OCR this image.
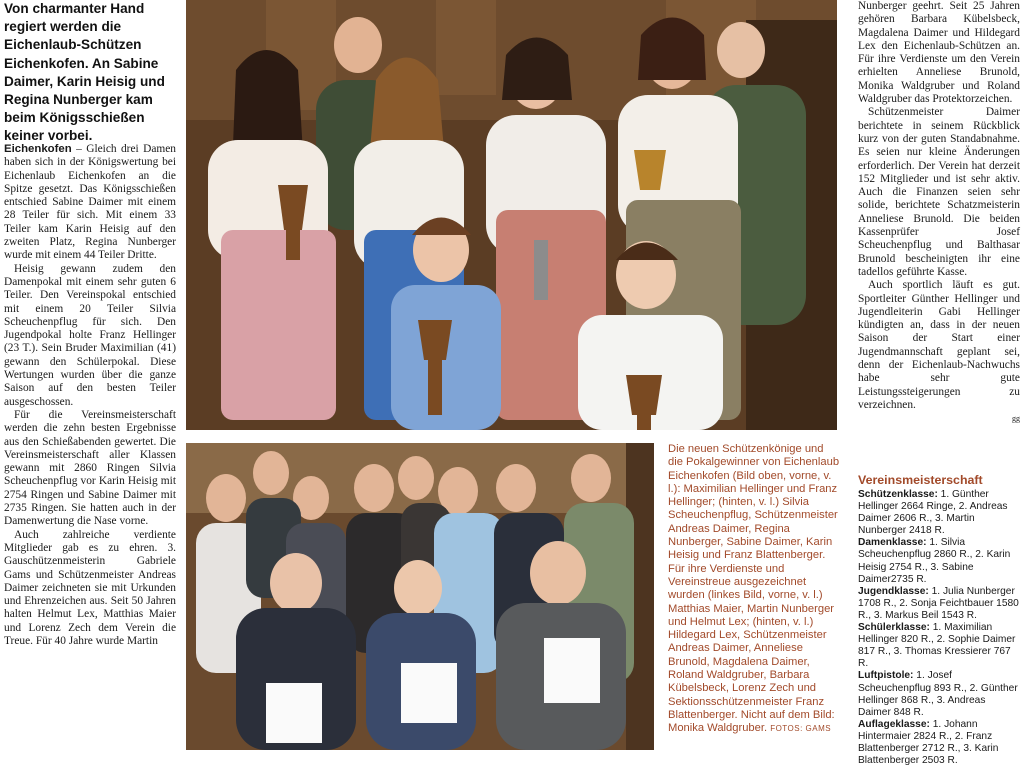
Von charmanter Hand regiert werden die Eichenlaub-Schützen Eichenkofen. An Sabine Daimer, Karin Heisig und Regina Nunberger kam beim Königsschießen keiner vorbei.

Eichenkofen – Gleich drei Damen haben sich in der Königswertung bei Eichenlaub Eichenkofen an die Spitze gesetzt. Das Königsschießen entschied Sabine Daimer mit einem 28 Teiler für sich. Mit einem 33 Teiler kam Karin Heisig auf den zweiten Platz, Regina Nunberger wurde mit einem 44 Teiler Dritte.

Heisig gewann zudem den Damenpokal mit einem sehr guten 6 Teiler. Den Vereinspokal entschied mit einem 20 Teiler Silvia Scheuchenpflug für sich. Den Jugendpokal holte Franz Hellinger (23 T.). Sein Bruder Maximilian (41) gewann den Schülerpokal. Diese Wertungen wurden über die ganze Saison auf den besten Teiler ausgeschossen.

Für die Vereinsmeisterschaft werden die zehn besten Ergebnisse aus den Schießabenden gewertet. Die Vereinsmeisterschaft aller Klassen gewann mit 2860 Ringen Silvia Scheuchenpflug vor Karin Heisig mit 2754 Ringen und Sabine Daimer mit 2735 Ringen. Sie hatten auch in der Damenwertung die Nase vorne.

Auch zahlreiche verdiente Mitglieder gab es zu ehren. 3. Gauschützenmeisterin Gabriele Gams und Schützenmeister Andreas Daimer zeichneten sie mit Urkunden und Ehrenzeichen aus. Seit 50 Jahren halten Helmut Lex, Matthias Maier und Lorenz Zech dem Verein die Treue. Für 40 Jahre wurde Martin

Die neuen Schützenkönige und die Pokalgewinner von Eichenlaub Eichenkofen (Bild oben, vorne, v. l.): Maximilian Hellinger und Franz Hellinger; (hinten, v. l.) Silvia Scheuchenpflug, Schützenmeister Andreas Daimer, Regina Nunberger, Sabine Daimer, Karin Heisig und Franz Blattenberger. Für ihre Verdienste und Vereinstreue ausgezeichnet wurden (linkes Bild, vorne, v. l.) Matthias Maier, Martin Nunberger und Helmut Lex; (hinten, v. l.) Hildegard Lex, Schützenmeister Andreas Daimer, Anneliese Brunold, Magdalena Daimer, Roland Waldgruber, Barbara Kübelsbeck, Lorenz Zech und Sektionsschützenmeister Franz Blattenberger. Nicht auf dem Bild: Monika Waldgruber. FOTOS: GAMS

Nunberger geehrt. Seit 25 Jahren gehören Barbara Kübelsbeck, Magdalena Daimer und Hildegard Lex den Eichenlaub-Schützen an. Für ihre Verdienste um den Verein erhielten Anneliese Brunold, Monika Waldgruber und Roland Waldgruber das Protektorzeichen.

Schützenmeister Daimer berichtete in seinem Rückblick kurz von der guten Standabnahme. Es seien nur kleine Änderungen erforderlich. Der Verein hat derzeit 152 Mitglieder und ist sehr aktiv. Auch die Finanzen seien sehr solide, berichtete Schatzmeisterin Anneliese Brunold. Die beiden Kassenprüfer Josef Scheuchenpflug und Balthasar Brunold bescheinigten ihr eine tadellos geführte Kasse.

Auch sportlich läuft es gut. Sportleiter Günther Hellinger und Jugendleiterin Gabi Hellinger kündigten an, dass in der neuen Saison der Start einer Jugendmannschaft geplant sei, denn der Eichenlaub-Nachwuchs habe sehr gute Leistungssteigerungen zu verzeichnen.

gg
Vereinsmeisterschaft
Schützenklasse: 1. Günther Hellinger 2664 Ringe, 2. Andreas Daimer 2606 R., 3. Martin Nunberger 2418 R.
Damenklasse: 1. Silvia Scheuchenpflug 2860 R., 2. Karin Heisig 2754 R., 3. Sabine Daimer2735 R.
Jugendklasse: 1. Julia Nunberger 1708 R., 2. Sonja Feichtbauer 1580 R., 3. Markus Beil 1543 R.
Schülerklasse: 1. Maximilian Hellinger 820 R., 2. Sophie Daimer 817 R., 3. Thomas Kressierer 767 R.
Luftpistole: 1. Josef Scheuchenpflug 893 R., 2. Günther Hellinger 868 R., 3. Andreas Daimer 848 R.
Auflageklasse: 1. Johann Hintermaier 2824 R., 2. Franz Blattenberger 2712 R., 3. Karin Blattenberger 2503 R.
